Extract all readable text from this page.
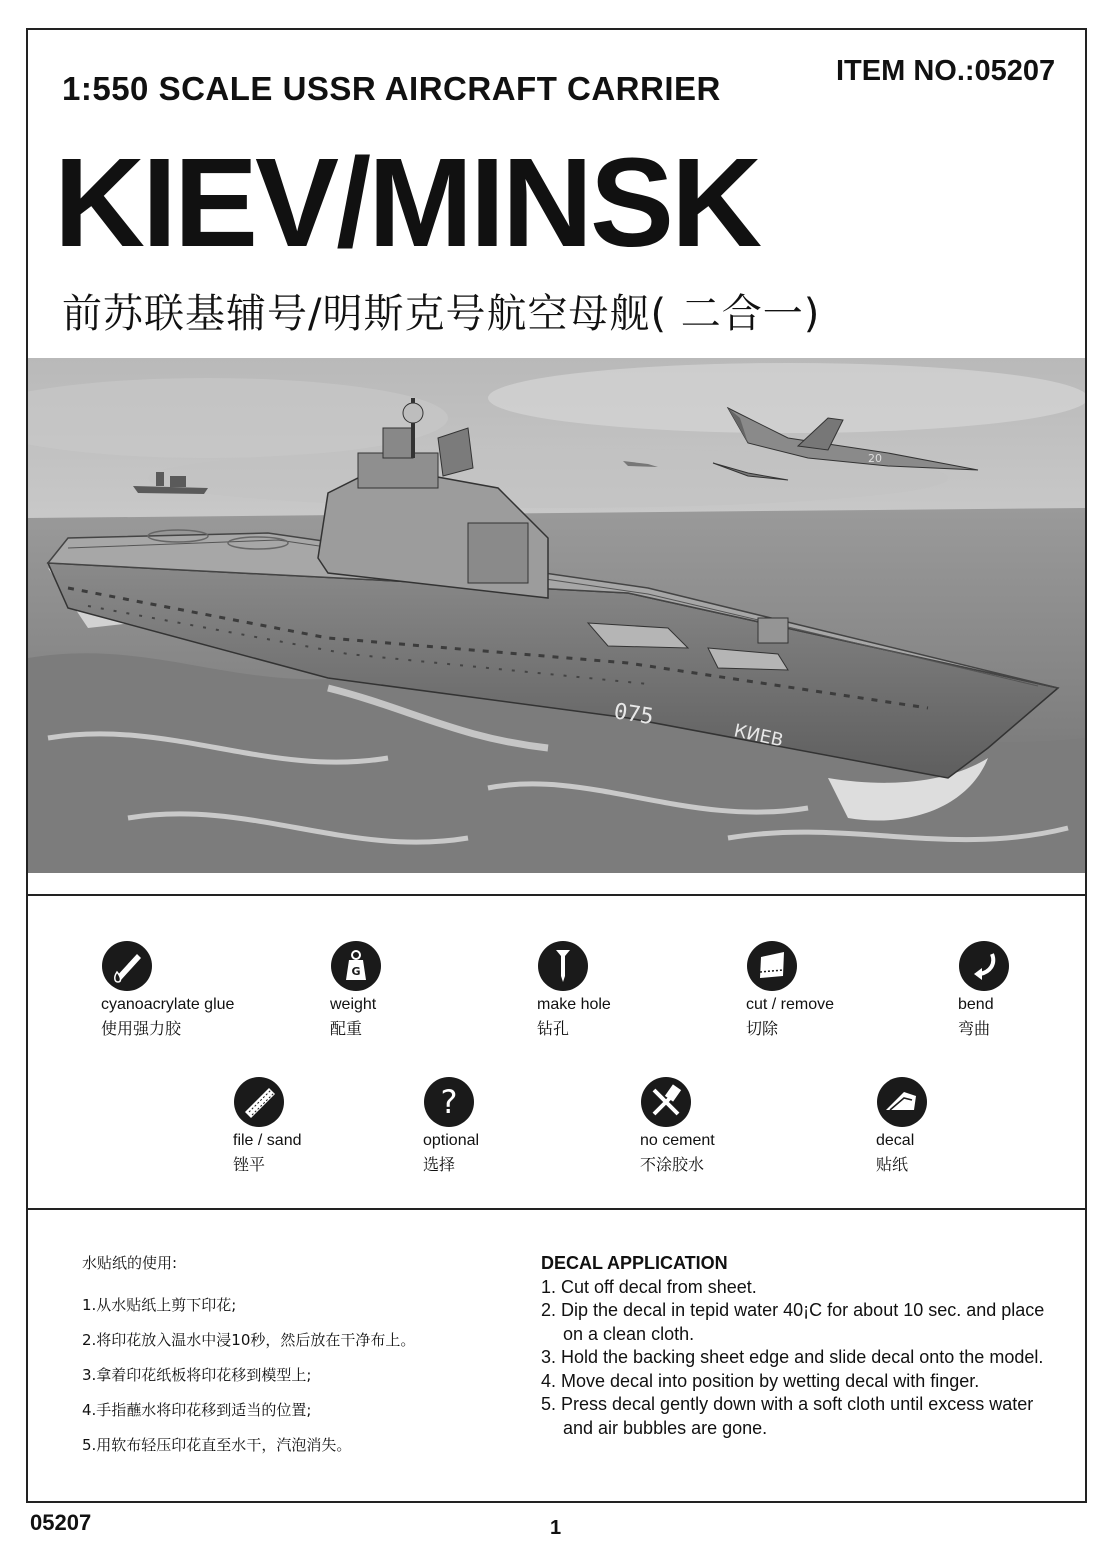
1:550 SCALE USSR AIRCRAFT CARRIER	ITEM NO.:05207
KIEV/MINSK
前苏联基辅号/明斯克号航空母舰( 二合一)
075
КИЕВ
20
cyanoacrylate glue
使用强力胶
G
weight
配重
make hole
钻孔
cut / remove
切除
bend
弯曲
file / sand
锉平
?
optional
选择
no cement
不涂胶水
decal
贴纸
水贴纸的使用:
1.从水贴纸上剪下印花;
2.将印花放入温水中浸10秒，然后放在干净布上。
3.拿着印花纸板将印花移到模型上;
4.手指蘸水将印花移到适当的位置;
5.用软布轻压印花直至水干，汽泡消失。
DECAL APPLICATION
1. Cut off decal from sheet.
2. Dip the decal in tepid water 40¡C for about 10 sec. and place on a clean cloth.
3. Hold the backing sheet edge and slide decal onto the model.
4. Move decal into position by wetting decal with finger.
5. Press decal gently down with a soft cloth until excess water and air bubbles are gone.
05207	1
